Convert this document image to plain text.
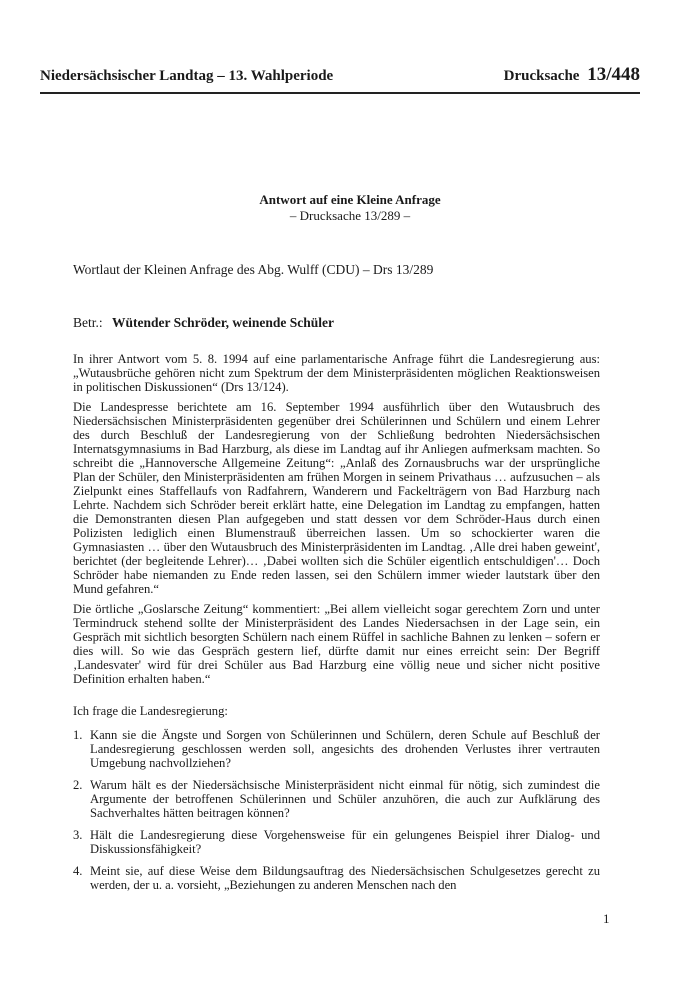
Niedersächsischer Landtag – 13. Wahlperiode	Drucksache 13/448
Antwort auf eine Kleine Anfrage
– Drucksache 13/289 –
Wortlaut der Kleinen Anfrage des Abg. Wulff (CDU) – Drs 13/289
Betr.: Wütender Schröder, weinende Schüler

In ihrer Antwort vom 5. 8. 1994 auf eine parlamentarische Anfrage führt die Landesregierung aus: „Wutausbrüche gehören nicht zum Spektrum der dem Ministerpräsidenten möglichen Reaktionsweisen in politischen Diskussionen“ (Drs 13/124).

Die Landespresse berichtete am 16. September 1994 ausführlich über den Wutausbruch des Niedersächsischen Ministerpräsidenten gegenüber drei Schülerinnen und Schülern und einem Lehrer des durch Beschluß der Landesregierung von der Schließung bedrohten Niedersächsischen Internatsgymnasiums in Bad Harzburg, als diese im Landtag auf ihr Anliegen aufmerksam machten. So schreibt die „Hannoversche Allgemeine Zeitung“: „Anlaß des Zornausbruchs war der ursprüngliche Plan der Schüler, den Ministerpräsidenten am frühen Morgen in seinem Privathaus … aufzusuchen – als Zielpunkt eines Staffellaufs von Radfahrern, Wanderern und Fackelträgern von Bad Harzburg nach Lehrte. Nachdem sich Schröder bereit erklärt hatte, eine Delegation im Landtag zu empfangen, hatten die Demonstranten diesen Plan aufgegeben und statt dessen vor dem Schröder-Haus durch einen Polizisten lediglich einen Blumenstrauß überreichen lassen. Um so schockierter waren die Gymnasiasten … über den Wutausbruch des Ministerpräsidenten im Landtag. ‚Alle drei haben geweint', berichtet (der begleitende Lehrer)… ‚Dabei wollten sich die Schüler eigentlich entschuldigen'… Doch Schröder habe niemanden zu Ende reden lassen, sei den Schülern immer wieder lautstark über den Mund gefahren.“

Die örtliche „Goslarsche Zeitung“ kommentiert: „Bei allem vielleicht sogar gerechtem Zorn und unter Termindruck stehend sollte der Ministerpräsident des Landes Niedersachsen in der Lage sein, ein Gespräch mit sichtlich besorgten Schülern nach einem Rüffel in sachliche Bahnen zu lenken – sofern er dies will. So wie das Gespräch gestern lief, dürfte damit nur eines erreicht sein: Der Begriff ‚Landesvater' wird für drei Schüler aus Bad Harzburg eine völlig neue und sicher nicht positive Definition erhalten haben.“

Ich frage die Landesregierung:

1. Kann sie die Ängste und Sorgen von Schülerinnen und Schülern, deren Schule auf Beschluß der Landesregierung geschlossen werden soll, angesichts des drohenden Verlustes ihrer vertrauten Umgebung nachvollziehen?
2. Warum hält es der Niedersächsische Ministerpräsident nicht einmal für nötig, sich zumindest die Argumente der betroffenen Schülerinnen und Schüler anzuhören, die auch zur Aufklärung des Sachverhaltes hätten beitragen können?
3. Hält die Landesregierung diese Vorgehensweise für ein gelungenes Beispiel ihrer Dialog- und Diskussionsfähigkeit?
4. Meint sie, auf diese Weise dem Bildungsauftrag des Niedersächsischen Schulgesetzes gerecht zu werden, der u. a. vorsieht, „Beziehungen zu anderen Menschen nach den
1
